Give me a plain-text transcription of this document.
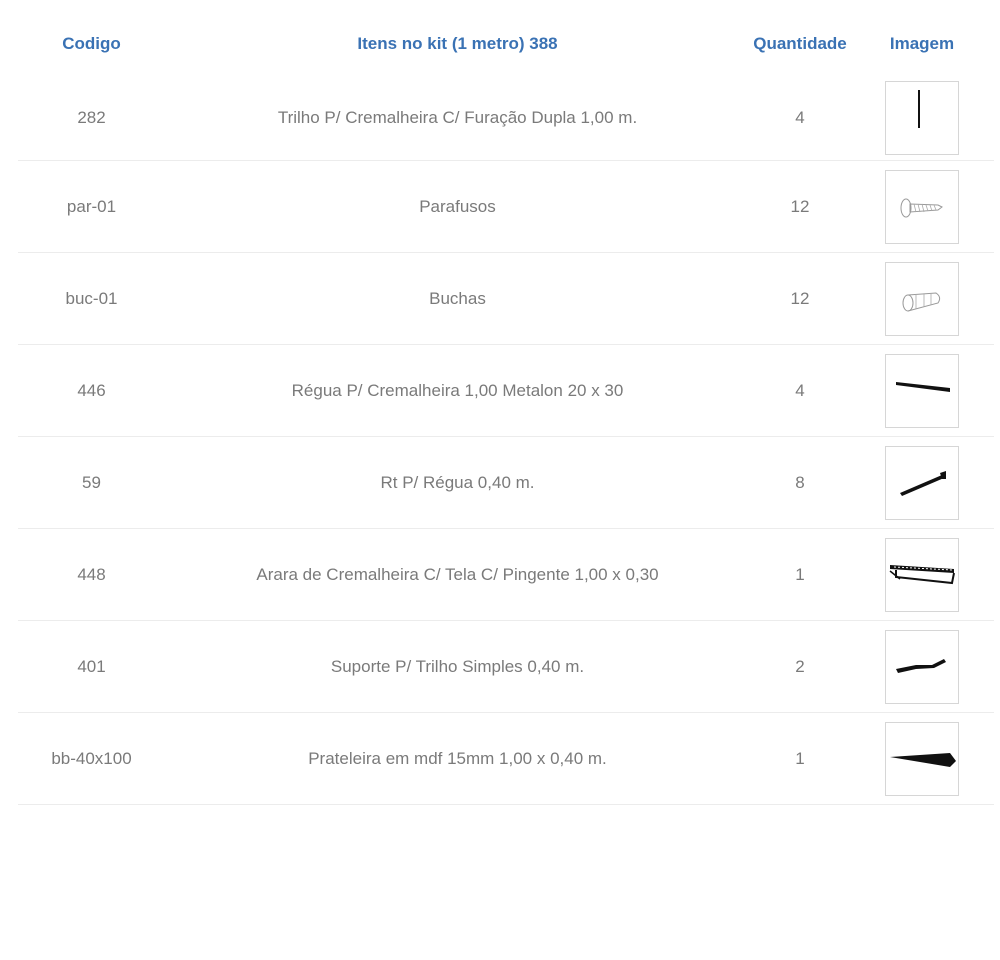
Codigo	Itens no kit (1 metro) 388	Quantidade	Imagem
282	Trilho P/ Cremalheira C/ Furação Dupla 1,00 m.	4	

par-01	Parafusos	12	

buc-01	Buchas	12	

446	Régua P/ Cremalheira 1,00 Metalon 20 x 30	4	

59	Rt P/ Régua 0,40 m.	8	

448	Arara de Cremalheira C/ Tela C/ Pingente 1,00 x 0,30	1	

401	Suporte P/ Trilho Simples 0,40 m.	2	

bb-40x100	Prateleira em mdf 15mm 1,00 x 0,40 m.	1	
